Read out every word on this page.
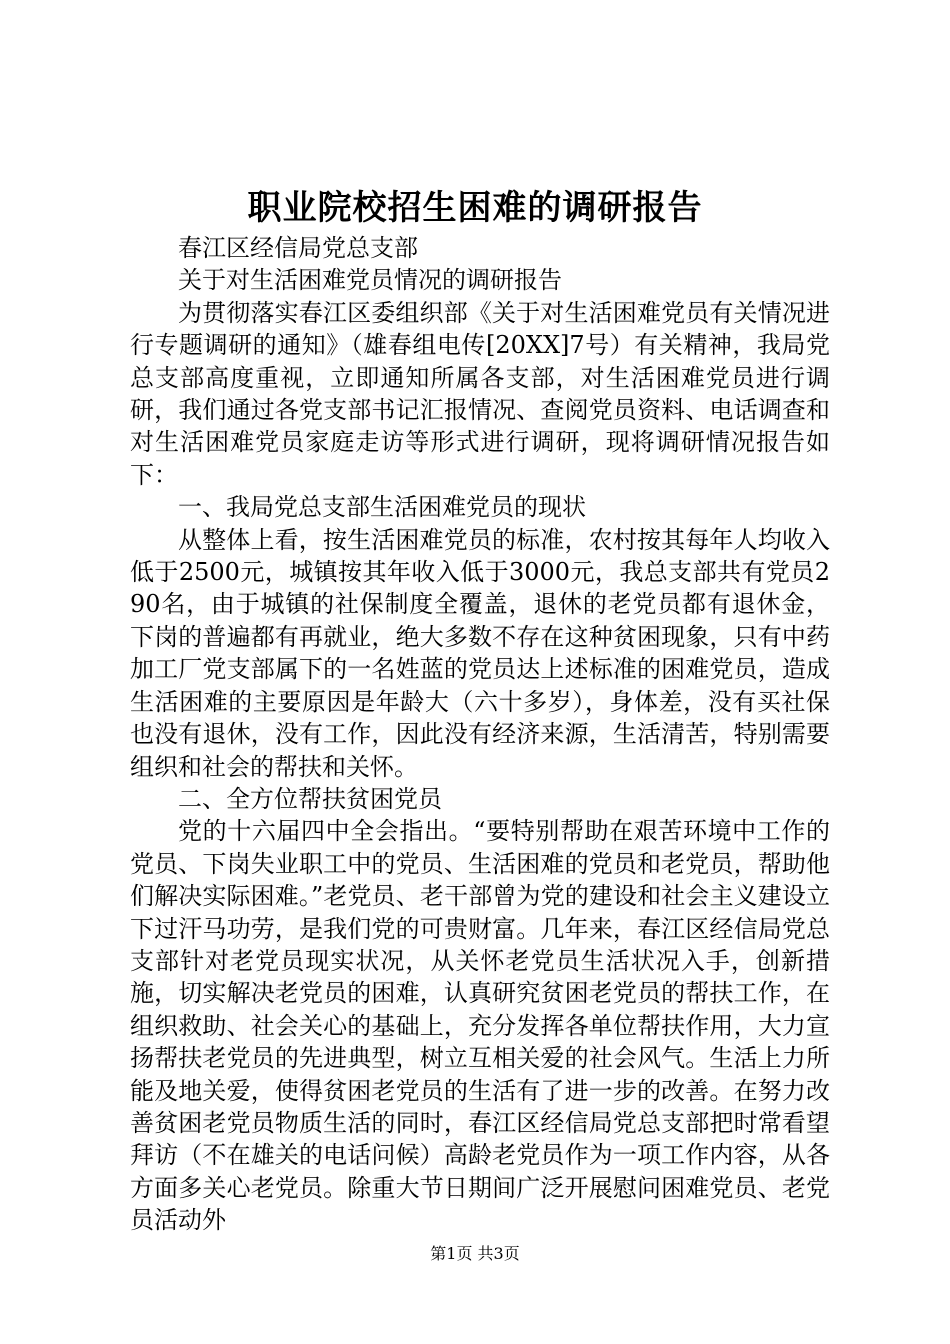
职业院校招生困难的调研报告

春江区经信局党总支部

关于对生活困难党员情况的调研报告

为贯彻落实春江区委组织部《关于对生活困难党员有关情况进行专题调研的通知》（雄春组电传[20XX]7号）有关精神，我局党总支部高度重视，立即通知所属各支部，对生活困难党员进行调研，我们通过各党支部书记汇报情况、查阅党员资料、电话调查和对生活困难党员家庭走访等形式进行调研，现将调研情况报告如下：

一、我局党总支部生活困难党员的现状

从整体上看，按生活困难党员的标准，农村按其每年人均收入低于2500元，城镇按其年收入低于3000元，我总支部共有党员290名，由于城镇的社保制度全覆盖，退休的老党员都有退休金，下岗的普遍都有再就业，绝大多数不存在这种贫困现象，只有中药加工厂党支部属下的一名姓蓝的党员达上述标准的困难党员，造成生活困难的主要原因是年龄大（六十多岁），身体差，没有买社保也没有退休，没有工作，因此没有经济来源，生活清苦，特别需要组织和社会的帮扶和关怀。

二、全方位帮扶贫困党员

党的十六届四中全会指出。“要特别帮助在艰苦环境中工作的党员、下岗失业职工中的党员、生活困难的党员和老党员，帮助他们解决实际困难。”老党员、老干部曾为党的建设和社会主义建设立下过汗马功劳，是我们党的可贵财富。几年来，春江区经信局党总支部针对老党员现实状况，从关怀老党员生活状况入手，创新措施，切实解决老党员的困难，认真研究贫困老党员的帮扶工作，在组织救助、社会关心的基础上，充分发挥各单位帮扶作用，大力宣扬帮扶老党员的先进典型，树立互相关爱的社会风气。生活上力所能及地关爱，使得贫困老党员的生活有了进一步的改善。在努力改善贫困老党员物质生活的同时，春江区经信局党总支部把时常看望拜访（不在雄关的电话问候）高龄老党员作为一项工作内容，从各方面多关心老党员。除重大节日期间广泛开展慰问困难党员、老党员活动外

第1页 共3页
